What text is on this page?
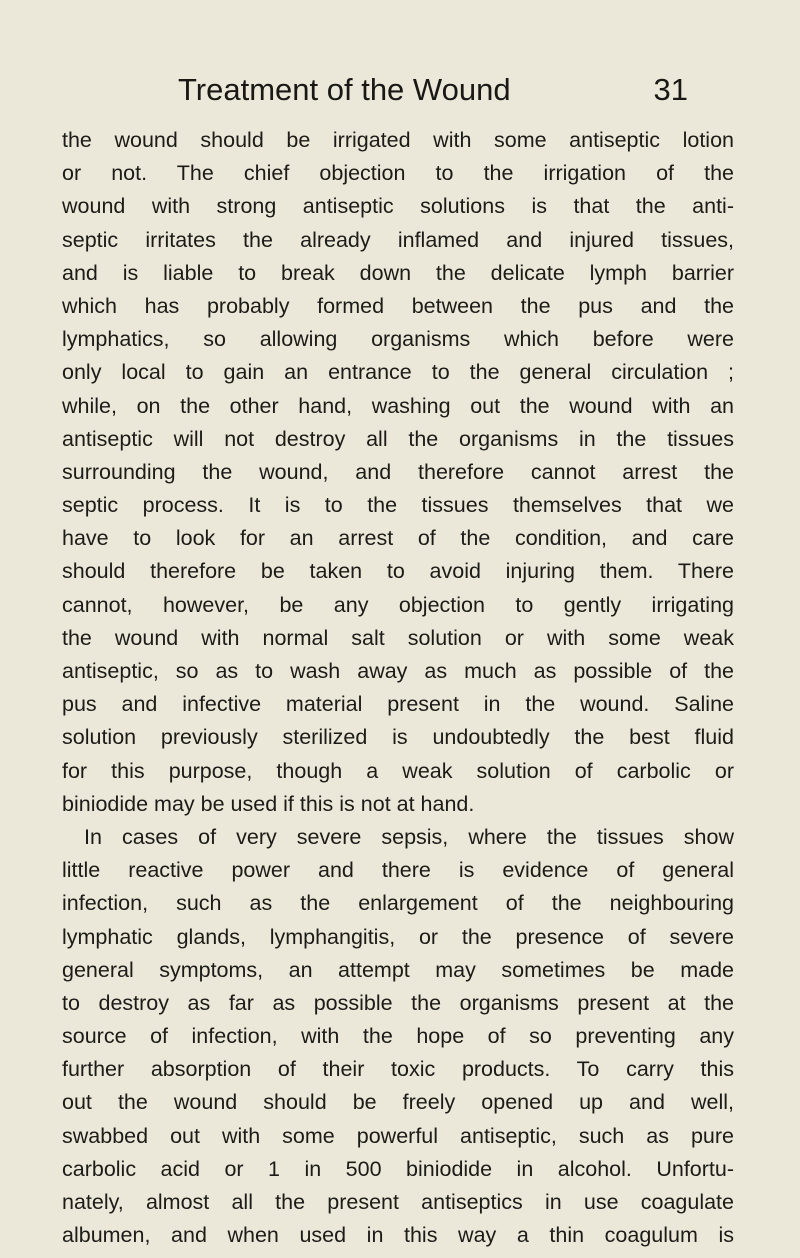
Treatment of the Wound	31
the wound should be irrigated with some antiseptic lotion
or not. The chief objection to the irrigation of the
wound with strong antiseptic solutions is that the anti-
septic irritates the already inflamed and injured tissues,
and is liable to break down the delicate lymph barrier
which has probably formed between the pus and the
lymphatics, so allowing organisms which before were
only local to gain an entrance to the general circulation ;
while, on the other hand, washing out the wound with an
antiseptic will not destroy all the organisms in the tissues
surrounding the wound, and therefore cannot arrest the
septic process. It is to the tissues themselves that we
have to look for an arrest of the condition, and care
should therefore be taken to avoid injuring them. There
cannot, however, be any objection to gently irrigating
the wound with normal salt solution or with some weak
antiseptic, so as to wash away as much as possible of the
pus and infective material present in the wound. Saline
solution previously sterilized is undoubtedly the best fluid
for this purpose, though a weak solution of carbolic or
biniodide may be used if this is not at hand.
In cases of very severe sepsis, where the tissues show
little reactive power and there is evidence of general
infection, such as the enlargement of the neighbouring
lymphatic glands, lymphangitis, or the presence of severe
general symptoms, an attempt may sometimes be made
to destroy as far as possible the organisms present at the
source of infection, with the hope of so preventing any
further absorption of their toxic products. To carry this
out the wound should be freely opened up and well,
swabbed out with some powerful antiseptic, such as pure
carbolic acid or 1 in 500 biniodide in alcohol. Unfortu-
nately, almost all the present antiseptics in use coagulate
albumen, and when used in this way a thin coagulum is
